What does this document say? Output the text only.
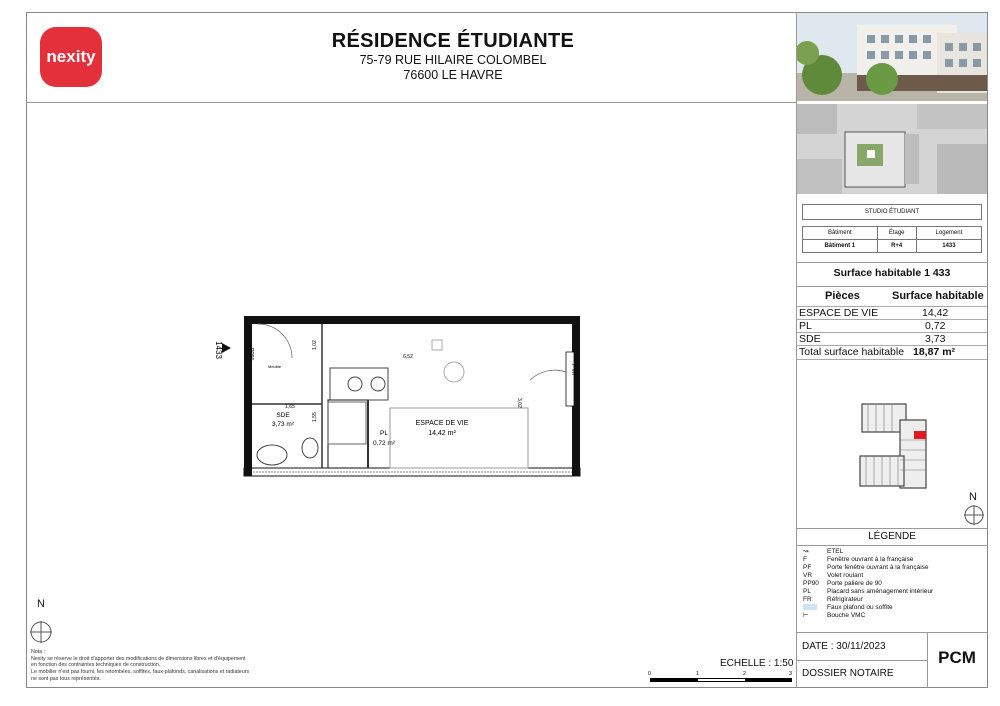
nexity
RÉSIDENCE ÉTUDIANTE
75-79 RUE HILAIRE COLOMBEL
76600 LE HAVRE
STUDIO ÉTUDIANT		

Bâtiment	Étage	Logement
Bâtiment 1	R+4	1433
Surface habitable 1 433
Pièces	Surface habitable
ESPACE DE VIE	14,42
PL	0,72
SDE	3,73
Total surface habitable 18,87 m²
N
LÉGENDE
↝	ETEL
F	Fenêtre ouvrant à la française
PF Porte fenêtre ouvrant à la française
VR Volet roulant
PP90 Porte palière de 90
PL Placard sans aménagement intérieur
FR Réfrigirateur
Faux plafond ou soffite
⊢	Bouche VMC
DATE : 30/11/2023
DOSSIER NOTAIRE
PCM
1433
SDE
3,73 m²
PL
0,72 m²
ESPACE DE VIE
14,42 m²
6,52
1,02
1,65
1,55
3,02
PP90
F VR
Meuble
N
Nota :
Nexity se réserve le droit d'apporter des modifications de dimensions libres et d'équipement en fonction des contraintes techniques de construction.
Le mobilier n'est pas fourni, les retombées, soffites, faux-plafonds, canalisations et radiateurs ne sont pas tous représentés.
ECHELLE : 1:50
0	1	2	3
